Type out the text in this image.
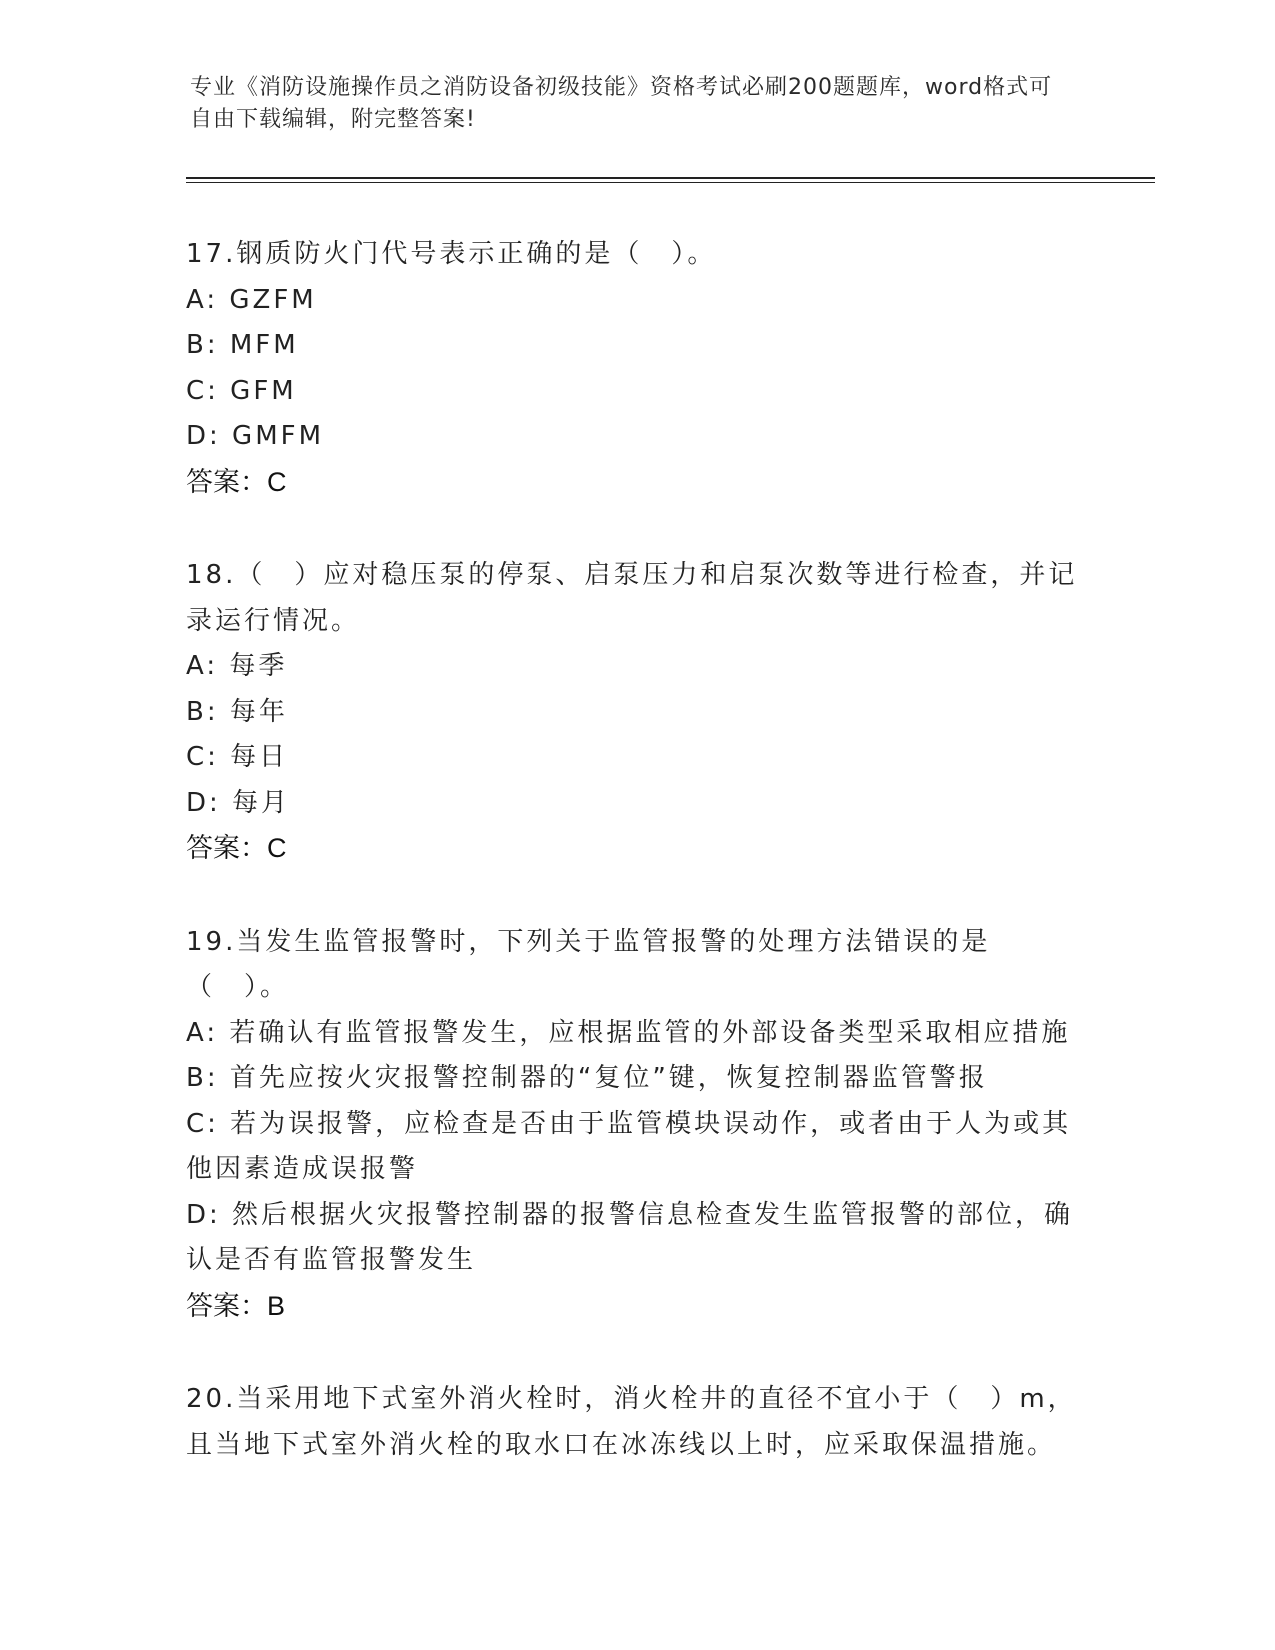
专业《消防设施操作员之消防设备初级技能》资格考试必刷200题题库，word格式可自由下载编辑，附完整答案!

17.钢质防火门代号表示正确的是（　）。

A: GZFM

B: MFM

C: GFM

D: GMFM

答案：C

18.（　）应对稳压泵的停泵、启泵压力和启泵次数等进行检查，并记录运行情况。

A: 每季

B: 每年

C: 每日

D: 每月

答案：C

19.当发生监管报警时，下列关于监管报警的处理方法错误的是（　）。

A: 若确认有监管报警发生，应根据监管的外部设备类型采取相应措施

B: 首先应按火灾报警控制器的“复位”键，恢复控制器监管警报

C: 若为误报警，应检查是否由于监管模块误动作，或者由于人为或其他因素造成误报警

D: 然后根据火灾报警控制器的报警信息检查发生监管报警的部位，确认是否有监管报警发生

答案：B

20.当采用地下式室外消火栓时，消火栓井的直径不宜小于（　）m，且当地下式室外消火栓的取水口在冰冻线以上时，应采取保温措施。
